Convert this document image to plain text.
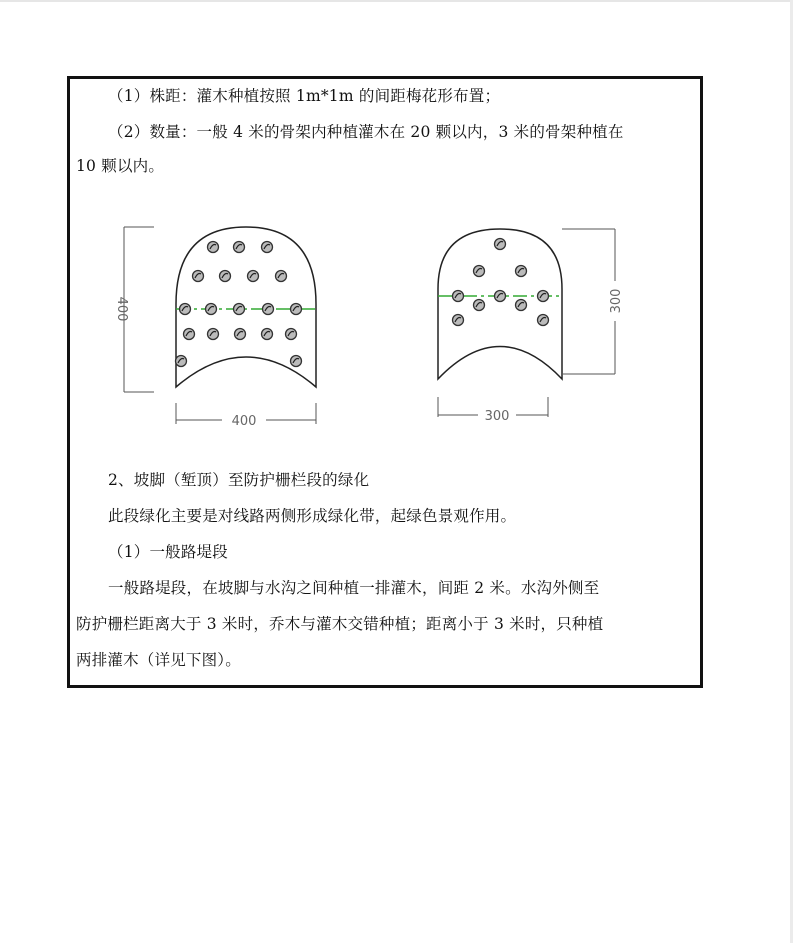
（1）株距：灌木种植按照 1m*1m 的间距梅花形布置；
（2）数量：一般 4 米的骨架内种植灌木在 20 颗以内，3 米的骨架种植在
10 颗以内。
400
400
300
300
2、坡脚（堑顶）至防护栅栏段的绿化
此段绿化主要是对线路两侧形成绿化带，起绿色景观作用。
（1）一般路堤段
一般路堤段，在坡脚与水沟之间种植一排灌木，间距 2 米。水沟外侧至
防护栅栏距离大于 3 米时，乔木与灌木交错种植；距离小于 3 米时，只种植
两排灌木（详见下图）。
